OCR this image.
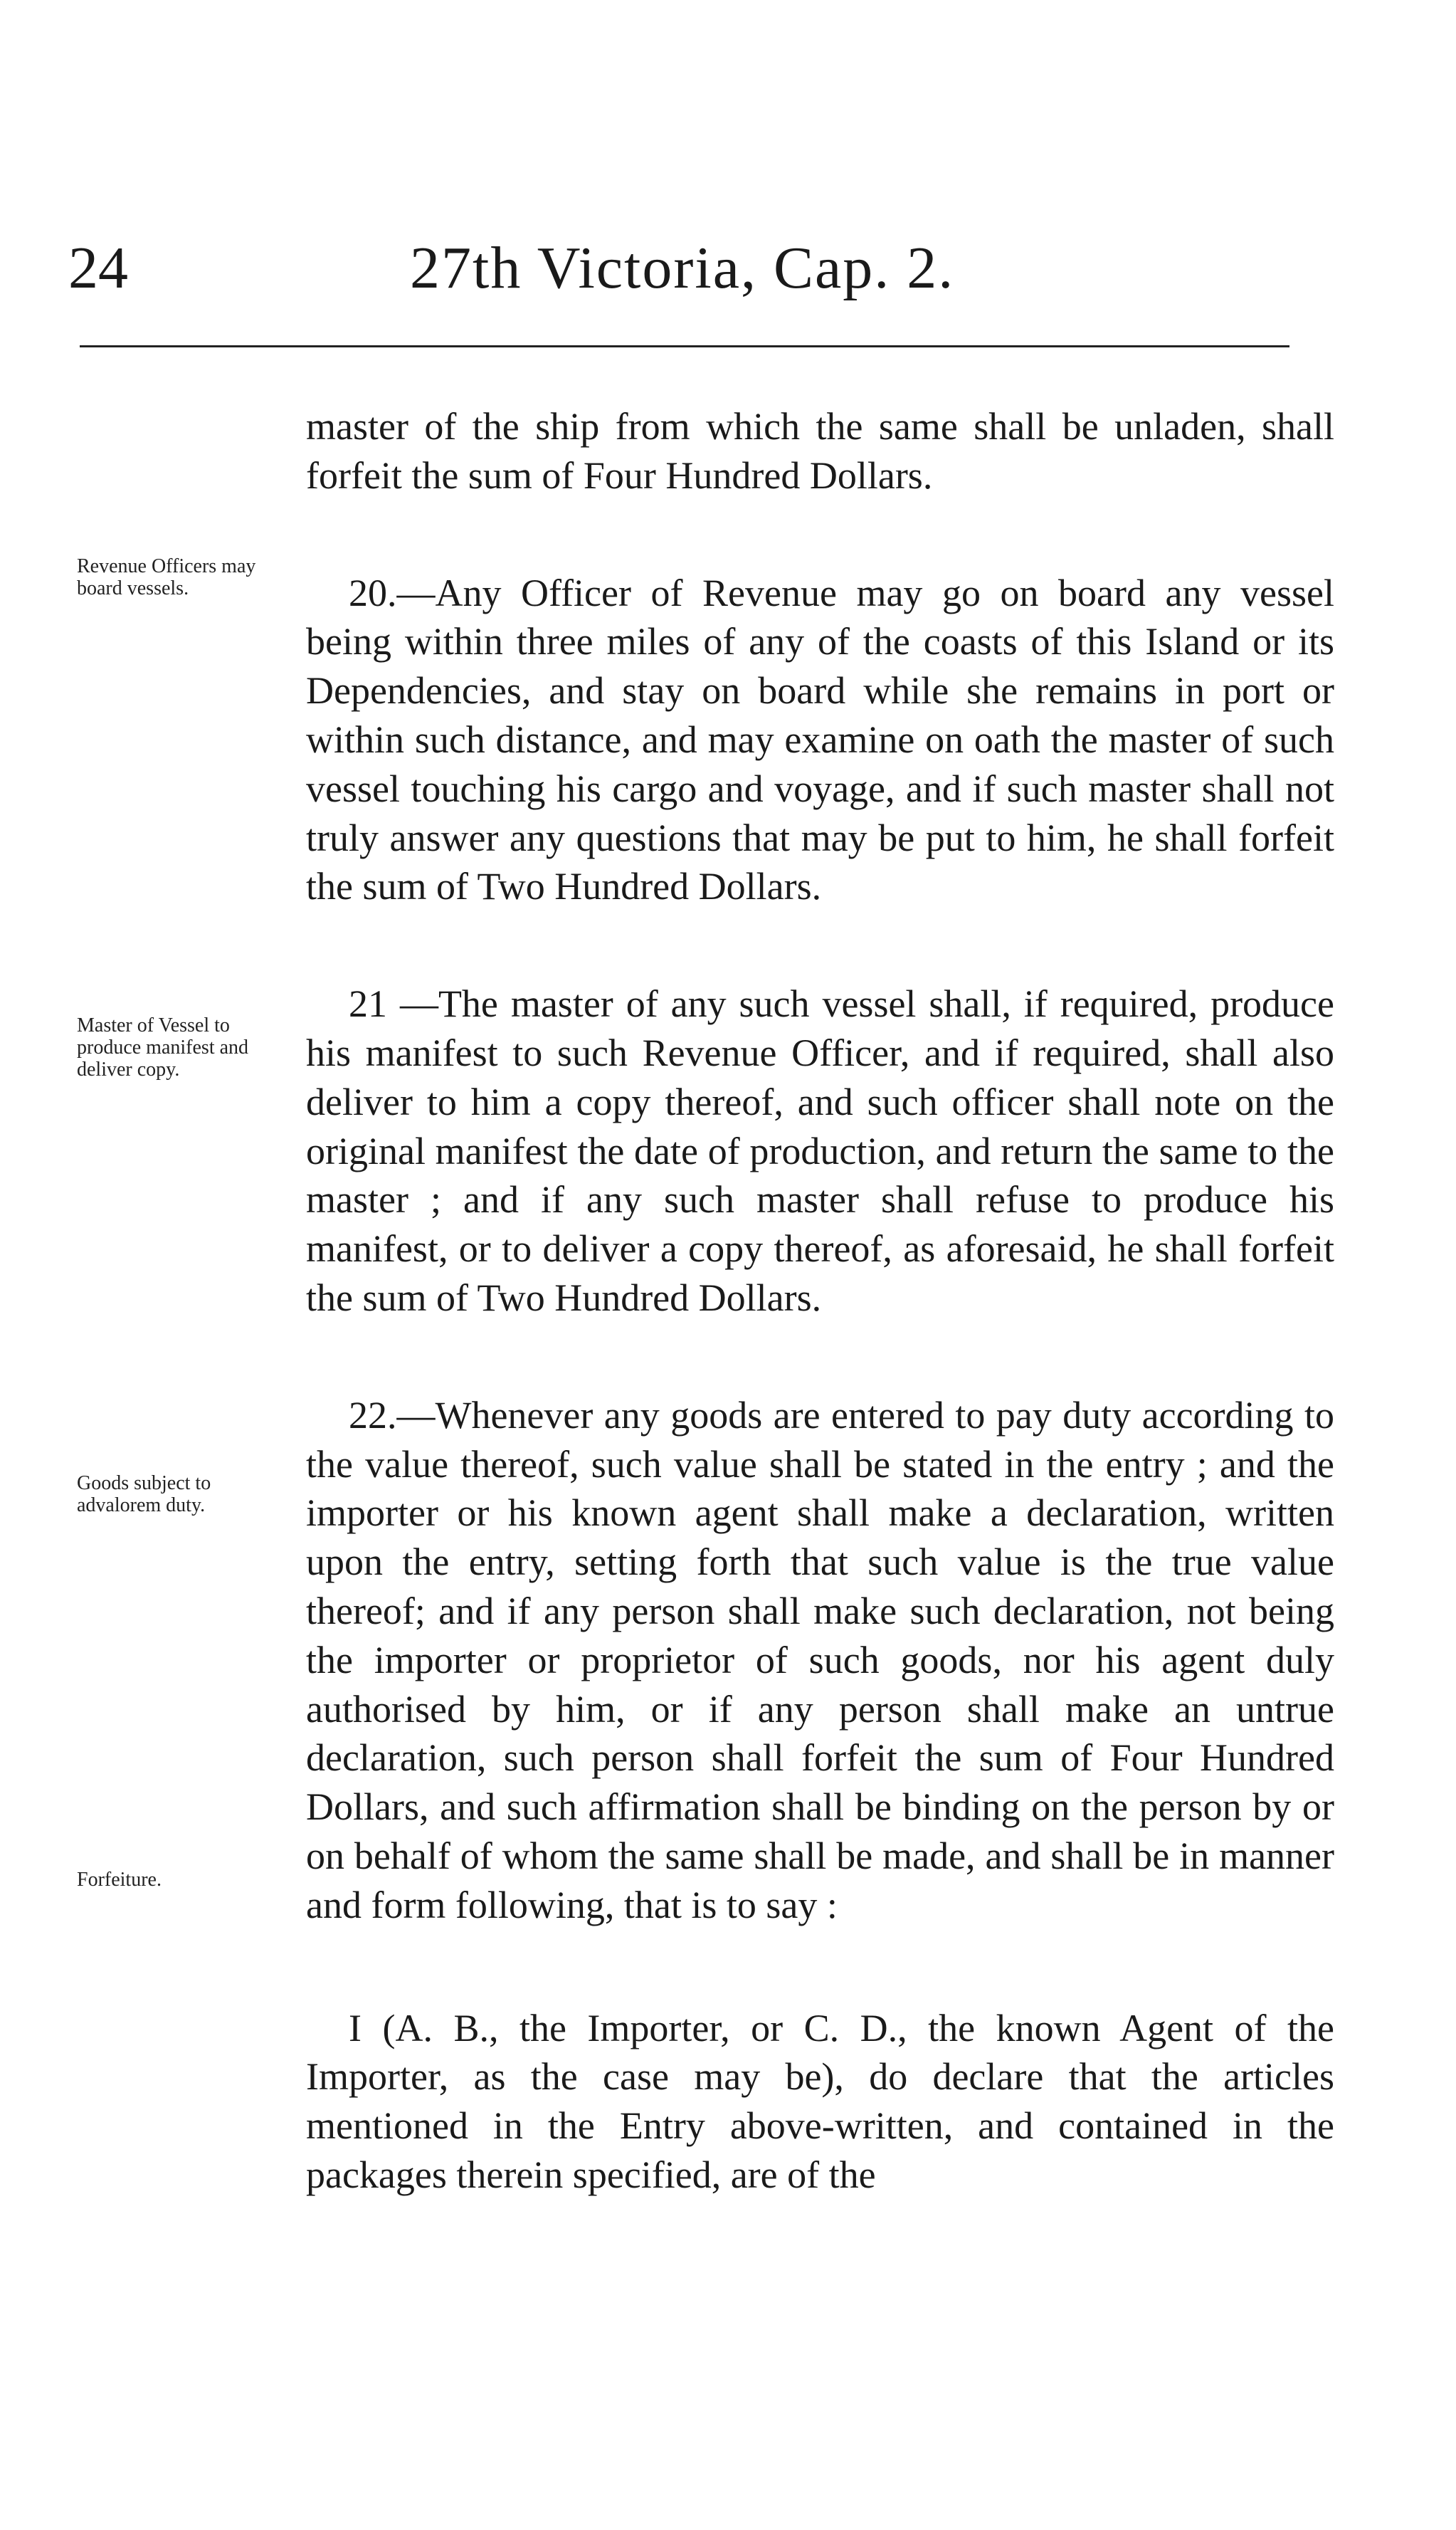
24	27th Victoria, Cap. 2.
Revenue Officers may board vessels.
Master of Vessel to produce manifest and deliver copy.
Goods subject to advalorem duty.
Forfeiture.

master of the ship from which the same shall be unladen, shall forfeit the sum of Four Hundred Dollars.

20.—Any Officer of Revenue may go on board any vessel being within three miles of any of the coasts of this Island or its Dependencies, and stay on board while she remains in port or within such distance, and may examine on oath the master of such vessel touching his cargo and voyage, and if such master shall not truly answer any questions that may be put to him, he shall forfeit the sum of Two Hundred Dollars.

21 —The master of any such vessel shall, if required, produce his manifest to such Revenue Officer, and if required, shall also deliver to him a copy thereof, and such officer shall note on the original manifest the date of production, and return the same to the master ; and if any such master shall refuse to produce his manifest, or to deliver a copy thereof, as aforesaid, he shall forfeit the sum of Two Hundred Dollars.

22.—Whenever any goods are entered to pay duty according to the value thereof, such value shall be stated in the entry ; and the importer or his known agent shall make a declaration, written upon the entry, setting forth that such value is the true value thereof; and if any person shall make such declaration, not being the importer or proprietor of such goods, nor his agent duly authorised by him, or if any person shall make an untrue declaration, such person shall forfeit the sum of Four Hundred Dollars, and such affirmation shall be binding on the person by or on behalf of whom the same shall be made, and shall be in manner and form following, that is to say :

I (A. B., the Importer, or C. D., the known Agent of the Importer, as the case may be), do declare that the articles mentioned in the Entry above-written, and contained in the packages therein specified, are of the
